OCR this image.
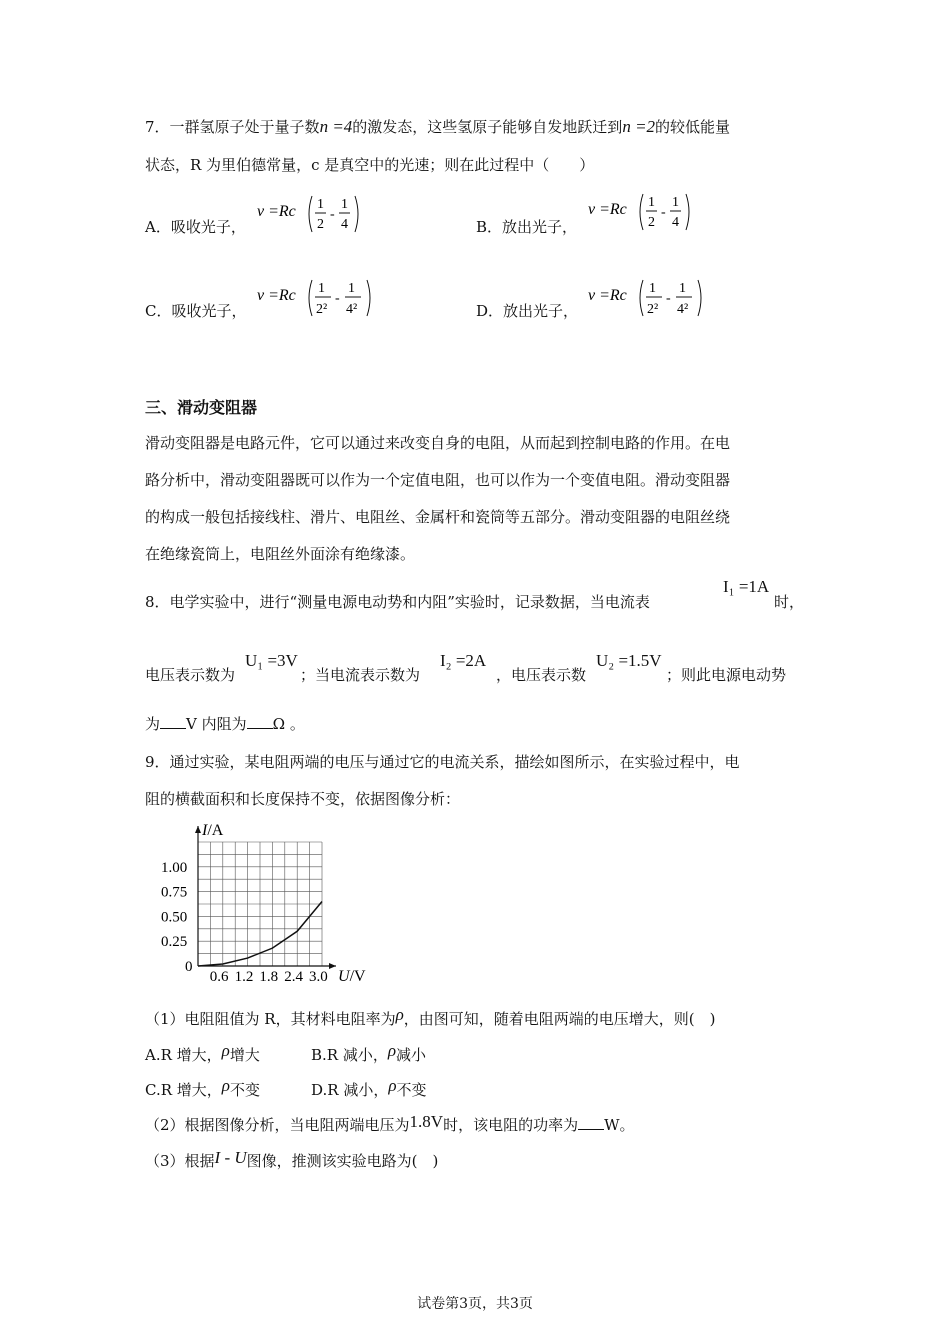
7．一群氢原子处于量子数n =4的激发态，这些氢原子能够自发地跃迁到n =2的较低能量
状态，R 为里伯德常量，c 是真空中的光速；则在此过程中（　　）
A．吸收光子，
ν =Rc 1
2
-
1
4	B．放出光子，
ν =Rc 1
2
-
1
4
C．吸收光子，
ν =Rc 1
2²
-
1
4²	D．放出光子，
ν =Rc 1
2²
-
1
4²
三、滑动变阻器
滑动变阻器是电路元件，它可以通过来改变自身的电阻，从而起到控制电路的作用。在电
路分析中，滑动变阻器既可以作为一个定值电阻，也可以作为一个变值电阻。滑动变阻器
的构成一般包括接线柱、滑片、电阻丝、金属杆和瓷筒等五部分。滑动变阻器的电阻丝绕
在绝缘瓷筒上，电阻丝外面涂有绝缘漆。
8．电学实验中，进行“测量电源电动势和内阻”实验时，记录数据，当电流表
I₁ =1A
时，
电压表示数为
U₁ =3V
；当电流表示数为
I₂ =2A
，电压表示数
U₂ =1.5V
；则此电源电动势
为 V 内阻为 Ω 。
9．通过实验，某电阻两端的电压与通过它的电流关系，描绘如图所示，在实验过程中，电
阻的横截面积和长度保持不变，依据图像分析：
0.6 1.2 1.8 2.4 3.0
1.00
0.75
0.50
0.25
0
I/A
U/V
（1）电阻阻值为 R，其材料电阻率为ρ，由图可知，随着电阻两端的电压增大，则(　)
A.R 增大，ρ增大	B.R 减小，ρ减小
C.R 增大，ρ不变	D.R 减小，ρ不变
（2）根据图像分析，当电阻两端电压为1.8V时，该电阻的功率为 W。
（3）根据I - U图像，推测该实验电路为(　)
试卷第3页，共3页
